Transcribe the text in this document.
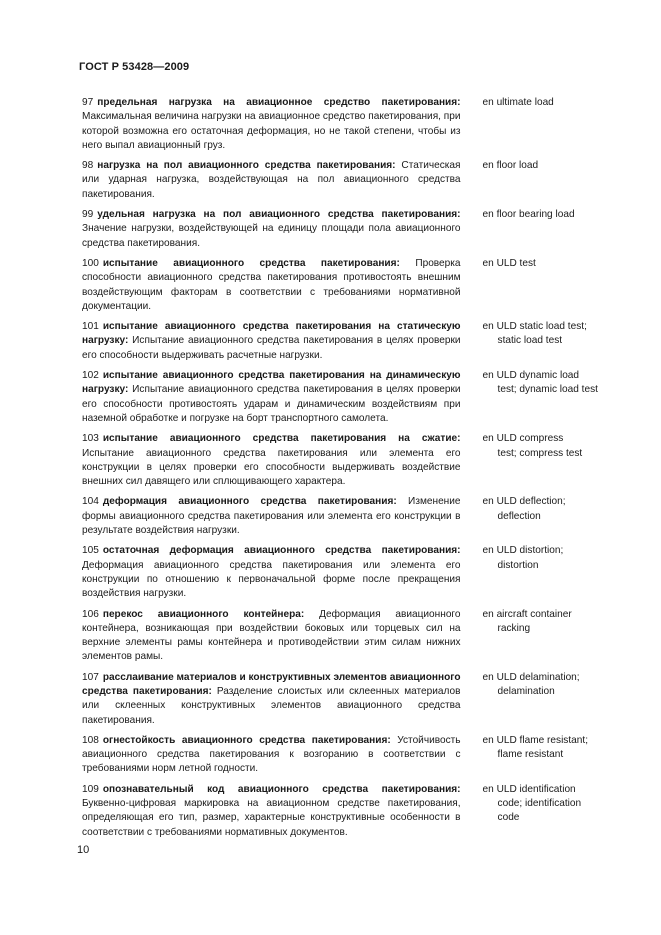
ГОСТ Р 53428—2009
97 предельная нагрузка на авиационное средство пакетирования: Максимальная величина нагрузки на авиационное средство пакетирования, при которой возможна его остаточная деформация, но не такой степени, чтобы из него выпал авиационный груз.
en ultimate load
98 нагрузка на пол авиационного средства пакетирования: Статическая или ударная нагрузка, воздействующая на пол авиационного средства пакетирования.
en floor load
99 удельная нагрузка на пол авиационного средства пакетирования: Значение нагрузки, воздействующей на единицу площади пола авиационного средства пакетирования.
en floor bearing load
100 испытание авиационного средства пакетирования: Проверка способности авиационного средства пакетирования противостоять внешним воздействующим факторам в соответствии с требованиями нормативной документации.
en ULD test
101 испытание авиационного средства пакетирования на статическую нагрузку: Испытание авиационного средства пакетирования в целях проверки его способности выдерживать расчетные нагрузки.
en ULD static load test;
static load test
102 испытание авиационного средства пакетирования на динамическую нагрузку: Испытание авиационного средства пакетирования в целях проверки его способности противостоять ударам и динамическим воздействиям при наземной обработке и погрузке на борт транспортного самолета.
en ULD dynamic load
test; dynamic load test
103 испытание авиационного средства пакетирования на сжатие: Испытание авиационного средства пакетирования или элемента его конструкции в целях проверки его способности выдерживать воздействие внешних сил давящего или сплющивающего характера.
en ULD compress
test; compress test
104 деформация авиационного средства пакетирования: Изменение формы авиационного средства пакетирования или элемента его конструкции в результате воздействия нагрузки.
en ULD deflection;
deflection
105 остаточная деформация авиационного средства пакетирования: Деформация авиационного средства пакетирования или элемента его конструкции по отношению к первоначальной форме после прекращения воздействия нагрузки.
en ULD distortion;
distortion
106 перекос авиационного контейнера: Деформация авиационного контейнера, возникающая при воздействии боковых или торцевых сил на верхние элементы рамы контейнера и противодействии этим силам нижних элементов рамы.
en aircraft container
racking
107 расслаивание материалов и конструктивных элементов авиационного средства пакетирования: Разделение слоистых или склеенных материалов или склеенных конструктивных элементов авиационного средства пакетирования.
en ULD delamination;
delamination
108 огнестойкость авиационного средства пакетирования: Устойчивость авиационного средства пакетирования к возгоранию в соответствии с требованиями норм летной годности.
en ULD flame resistant;
flame resistant
109 опознавательный код авиационного средства пакетирования: Буквенно-цифровая маркировка на авиационном средстве пакетирования, определяющая его тип, размер, характерные конструктивные особенности в соответствии с требованиями нормативных документов.
en ULD identification
code; identification
code
10
